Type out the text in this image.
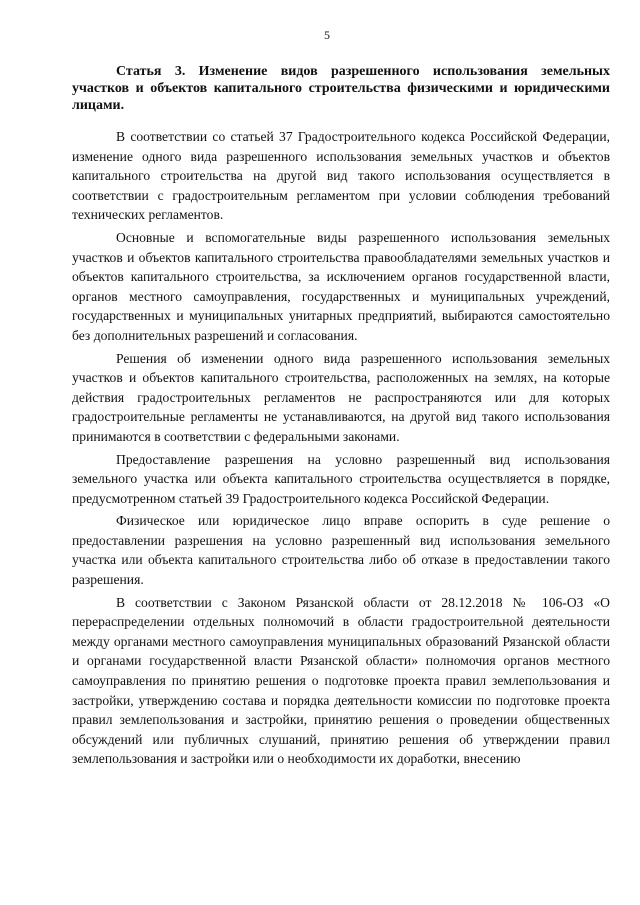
5
Статья 3. Изменение видов разрешенного использования земельных участков и объектов капитального строительства физическими и юридическими лицами.

В соответствии со статьей 37 Градостроительного кодекса Российской Федерации, изменение одного вида разрешенного использования земельных участков и объектов капитального строительства на другой вид такого использования осуществляется в соответствии с градостроительным регламентом при условии соблюдения требований технических регламентов.

Основные и вспомогательные виды разрешенного использования земельных участков и объектов капитального строительства правообладателями земельных участков и объектов капитального строительства, за исключением органов государственной власти, органов местного самоуправления, государственных и муниципальных учреждений, государственных и муниципальных унитарных предприятий, выбираются самостоятельно без дополнительных разрешений и согласования.

Решения об изменении одного вида разрешенного использования земельных участков и объектов капитального строительства, расположенных на землях, на которые действия градостроительных регламентов не распространяются или для которых градостроительные регламенты не устанавливаются, на другой вид такого использования принимаются в соответствии с федеральными законами.

Предоставление разрешения на условно разрешенный вид использования земельного участка или объекта капитального строительства осуществляется в порядке, предусмотренном статьей 39 Градостроительного кодекса Российской Федерации.

Физическое или юридическое лицо вправе оспорить в суде решение о предоставлении разрешения на условно разрешенный вид использования земельного участка или объекта капитального строительства либо об отказе в предоставлении такого разрешения.

В соответствии с Законом Рязанской области от 28.12.2018 № 106-ОЗ «О перераспределении отдельных полномочий в области градостроительной деятельности между органами местного самоуправления муниципальных образований Рязанской области и органами государственной власти Рязанской области» полномочия органов местного самоуправления по принятию решения о подготовке проекта правил землепользования и застройки, утверждению состава и порядка деятельности комиссии по подготовке проекта правил землепользования и застройки, принятию решения о проведении общественных обсуждений или публичных слушаний, принятию решения об утверждении правил землепользования и застройки или о необходимости их доработки, внесению
